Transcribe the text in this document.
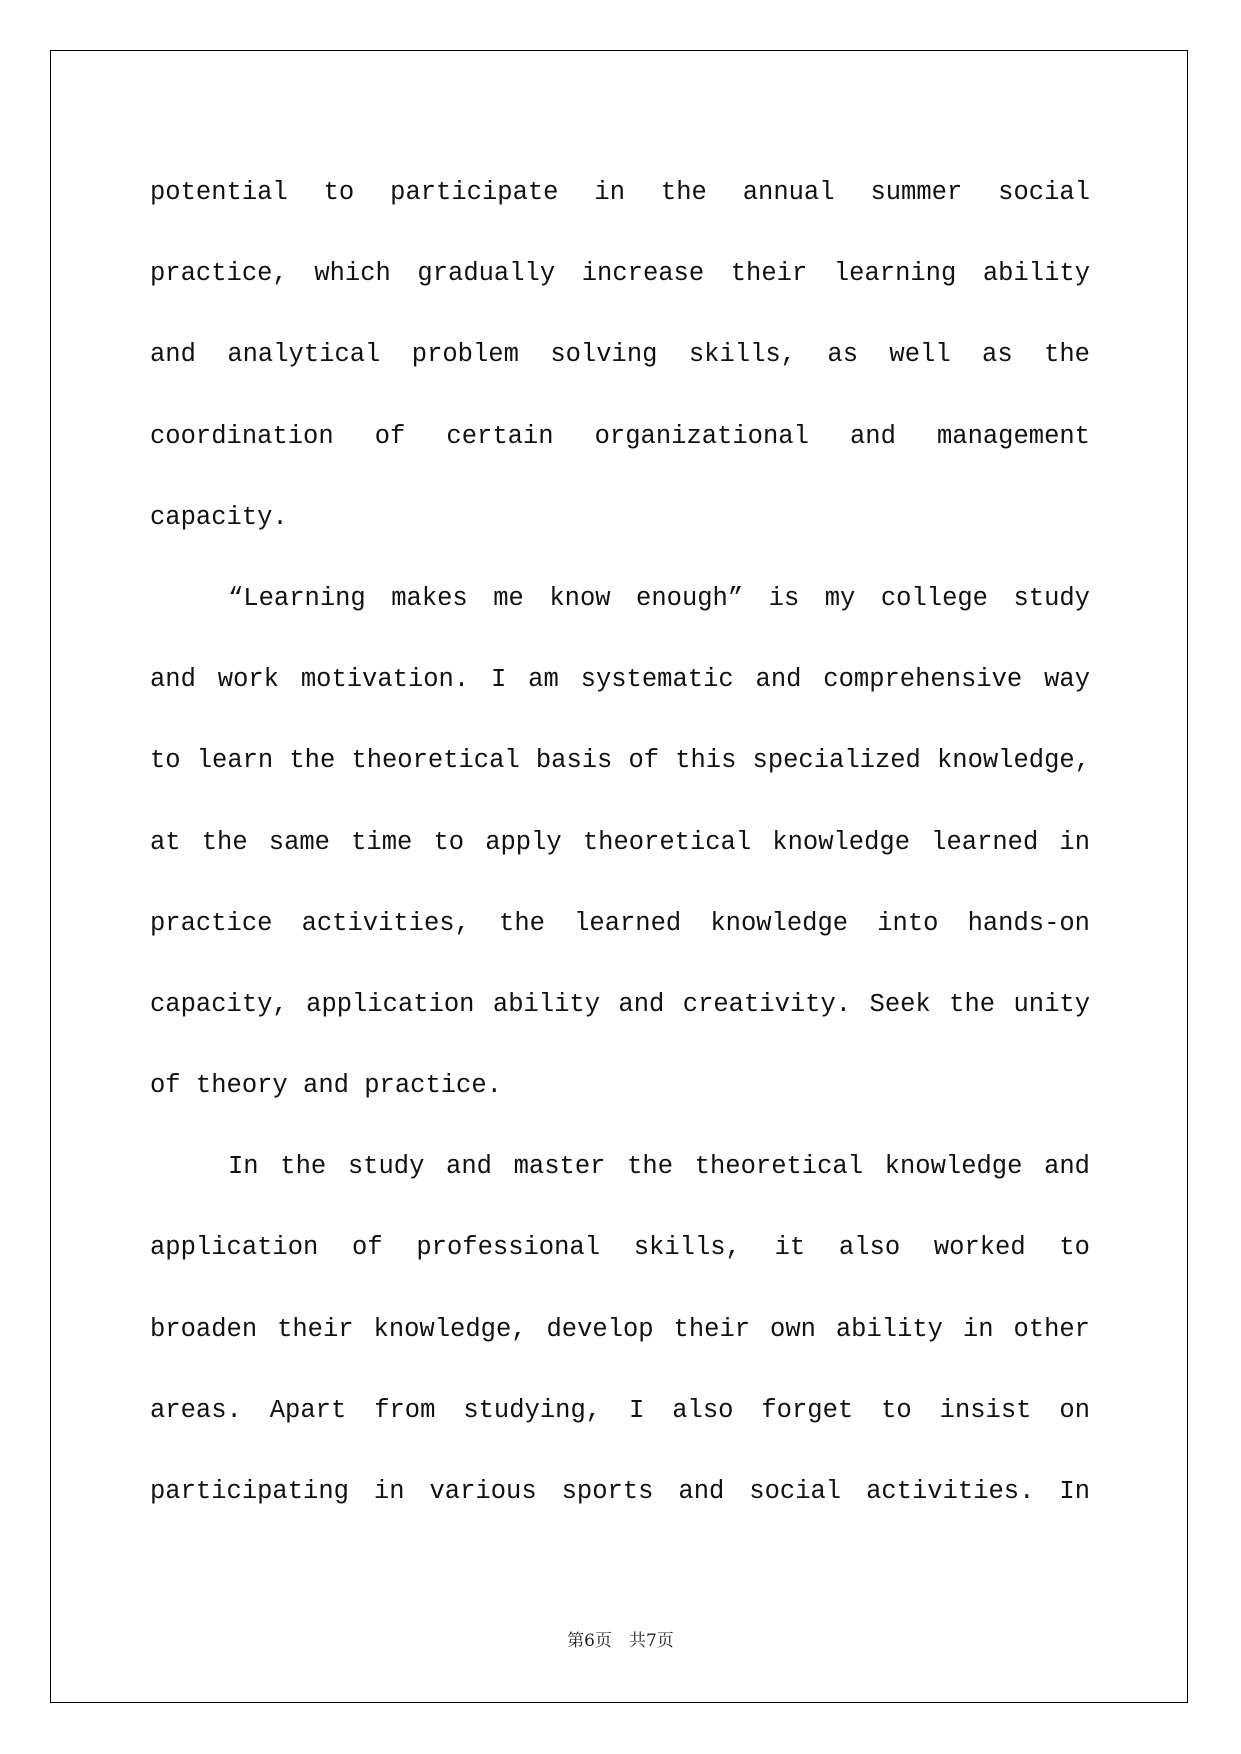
potential to participate in the annual summer social
practice, which gradually increase their learning ability
and analytical problem solving skills, as well as the
coordination of certain organizational and management
capacity.
“Learning makes me know enough” is my college study
and work motivation. I am systematic and comprehensive way
to learn the theoretical basis of this specialized knowledge,
at the same time to apply theoretical knowledge learned in
practice activities, the learned knowledge into hands-on
capacity, application ability and creativity. Seek the unity
of theory and practice.
In the study and master the theoretical knowledge and
application of professional skills, it also worked to
broaden their knowledge, develop their own ability in other
areas. Apart from studying, I also forget to insist on
participating in various sports and social activities. In
第6页　共7页
